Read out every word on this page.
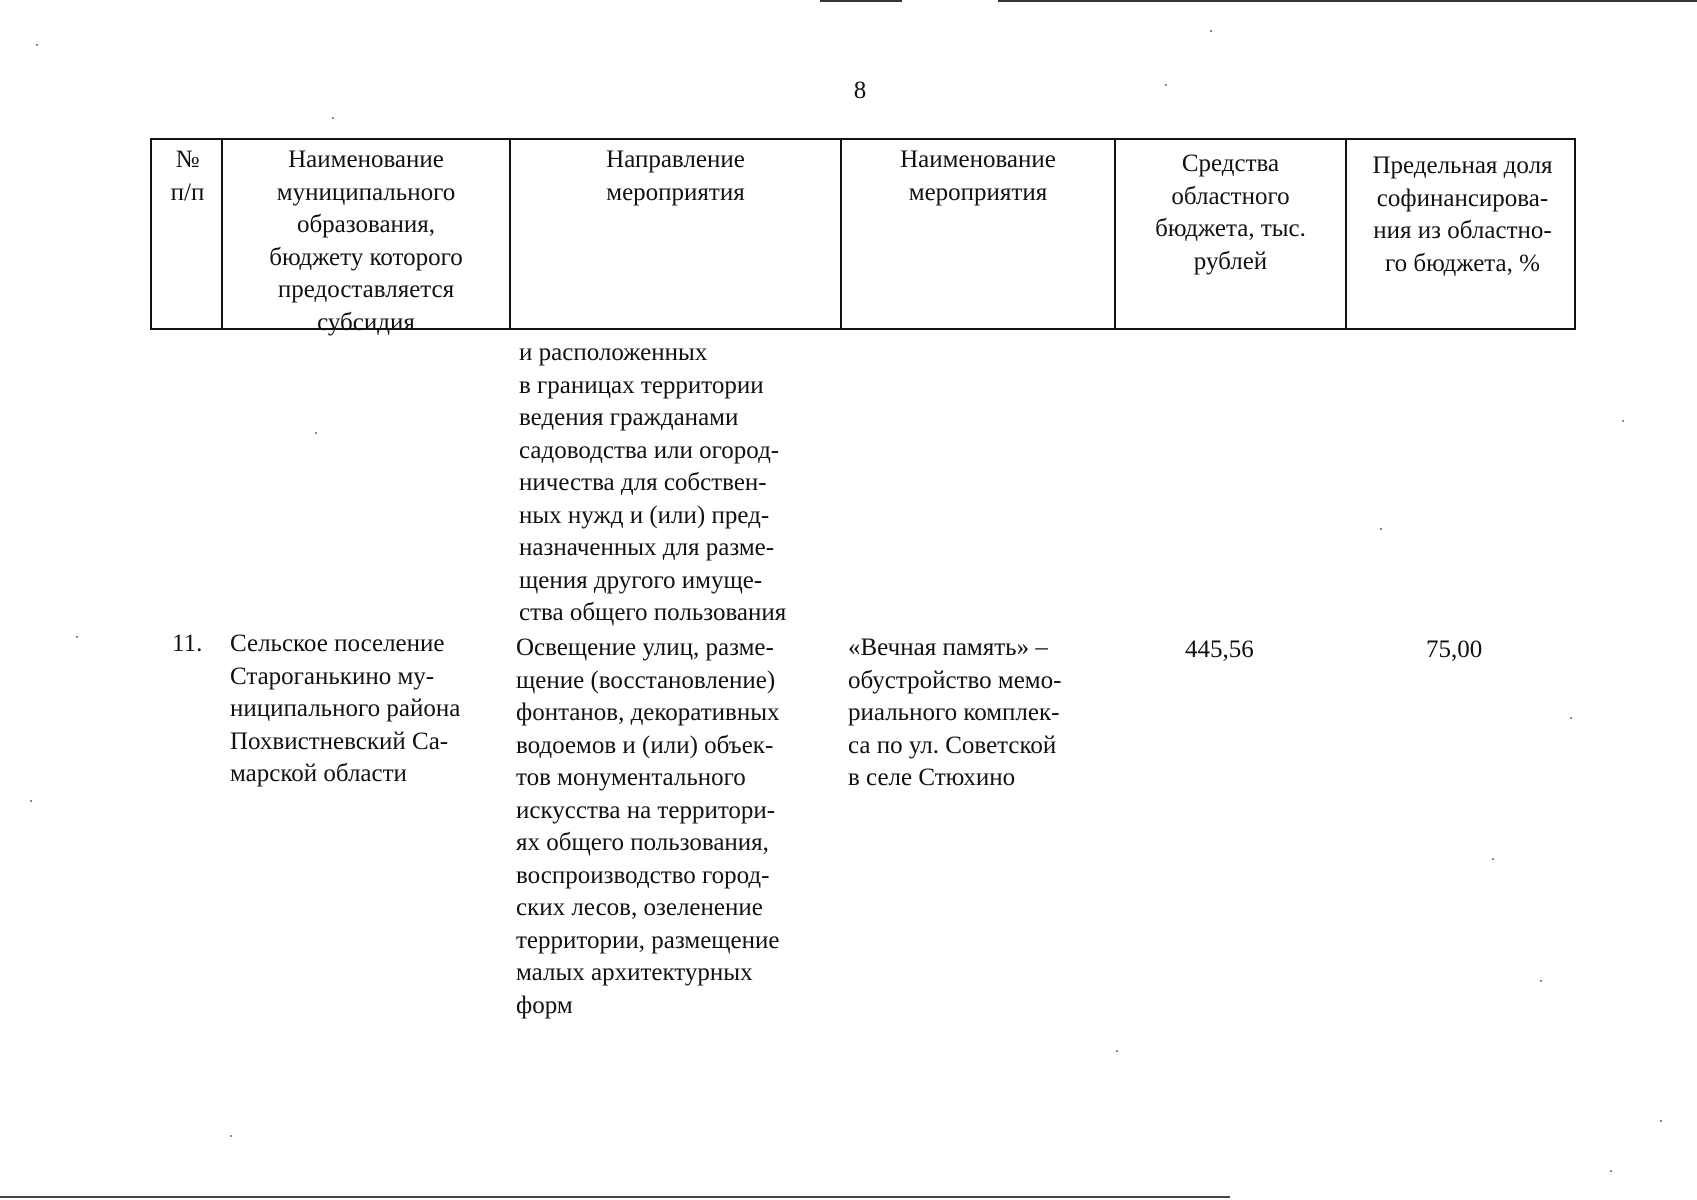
8
№
п/п
Наименование
муниципального
образования,
бюджету которого
предоставляется
субсидия
Направление
мероприятия
Наименование
мероприятия
Средства
областного
бюджета, тыс.
рублей
Предельная доля
софинансирова-
ния из областно-
го бюджета, %
и расположенных
в границах территории
ведения гражданами
садоводства или огород-
ничества для собствен-
ных нужд и (или) пред-
назначенных для разме-
щения другого имуще-
ства общего пользования
11. Сельское поселение
Староганькино му-
ниципального района
Похвистневский Са-
марской области
Освещение улиц, разме-
щение (восстановление)
фонтанов, декоративных
водоемов и (или) объек-
тов монументального
искусства на территори-
ях общего пользования,
воспроизводство город-
ских лесов, озеленение
территории, размещение
малых архитектурных
форм
«Вечная память» –
обустройство мемо-
риального комплек-
са по ул. Советской
в селе Стюхино
445,56	75,00
